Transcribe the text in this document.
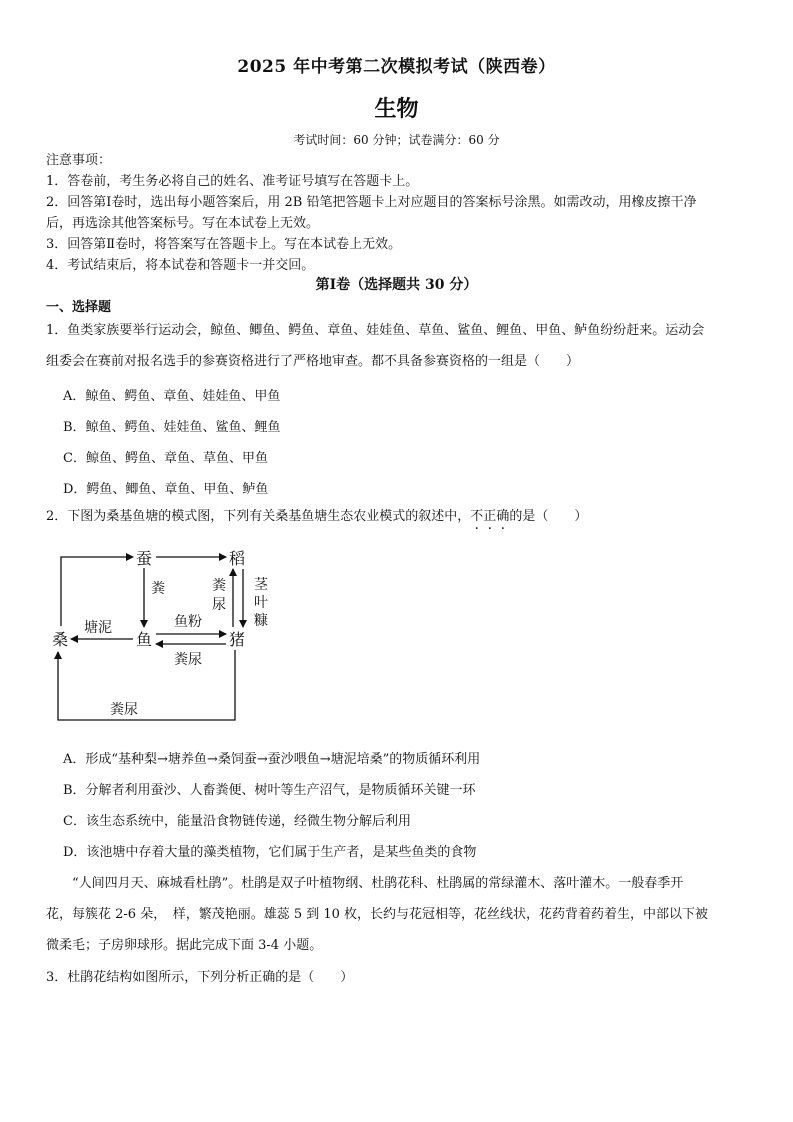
2025 年中考第二次模拟考试（陕西卷）
生物
考试时间：60 分钟；试卷满分：60 分
注意事项：
1．答卷前，考生务必将自己的姓名、准考证号填写在答题卡上。
2．回答第Ⅰ卷时，选出每小题答案后，用 2B 铅笔把答题卡上对应题目的答案标号涂黑。如需改动，用橡皮擦干净
后，再选涂其他答案标号。写在本试卷上无效。
3．回答第Ⅱ卷时，将答案写在答题卡上。写在本试卷上无效。
4．考试结束后，将本试卷和答题卡一并交回。
第Ⅰ卷（选择题共 30 分）
一、选择题
1．鱼类家族要举行运动会，鲸鱼、鲫鱼、鳄鱼、章鱼、娃娃鱼、草鱼、鲨鱼、鲤鱼、甲鱼、鲈鱼纷纷赶来。运动会
组委会在赛前对报名选手的参赛资格进行了严格地审查。都不具备参赛资格的一组是（　　）
A．鲸鱼、鳄鱼、章鱼、娃娃鱼、甲鱼
B．鲸鱼、鳄鱼、娃娃鱼、鲨鱼、鲤鱼
C．鲸鱼、鳄鱼、章鱼、草鱼、甲鱼
D．鳄鱼、鲫鱼、章鱼、甲鱼、鲈鱼
2．下图为桑基鱼塘的模式图，下列有关桑基鱼塘生态农业模式的叙述中，不正确的是（　　）
蚕	稻
桑	鱼	猪
粪	粪
尿
茎
叶
糠
塘泥	鱼粉
粪尿
粪尿
A．形成“基种梨→塘养鱼→桑饲蚕→蚕沙喂鱼→塘泥培桑”的物质循环利用
B．分解者利用蚕沙、人畜粪便、树叶等生产沼气，是物质循环关键一环
C．该生态系统中，能量沿食物链传递，经微生物分解后利用
D．该池塘中存着大量的藻类植物，它们属于生产者，是某些鱼类的食物
“人间四月天、麻城看杜鹃”。杜鹃是双子叶植物纲、杜鹃花科、杜鹃属的常绿灌木、落叶灌木。一般春季开
花，每簇花 2-6 朵，　样，繁茂艳丽。雄蕊 5 到 10 枚，长约与花冠相等，花丝线状，花药背着药着生，中部以下被
微柔毛；子房卵球形。据此完成下面 3-4 小题。
3．杜鹃花结构如图所示，下列分析正确的是（　　）
